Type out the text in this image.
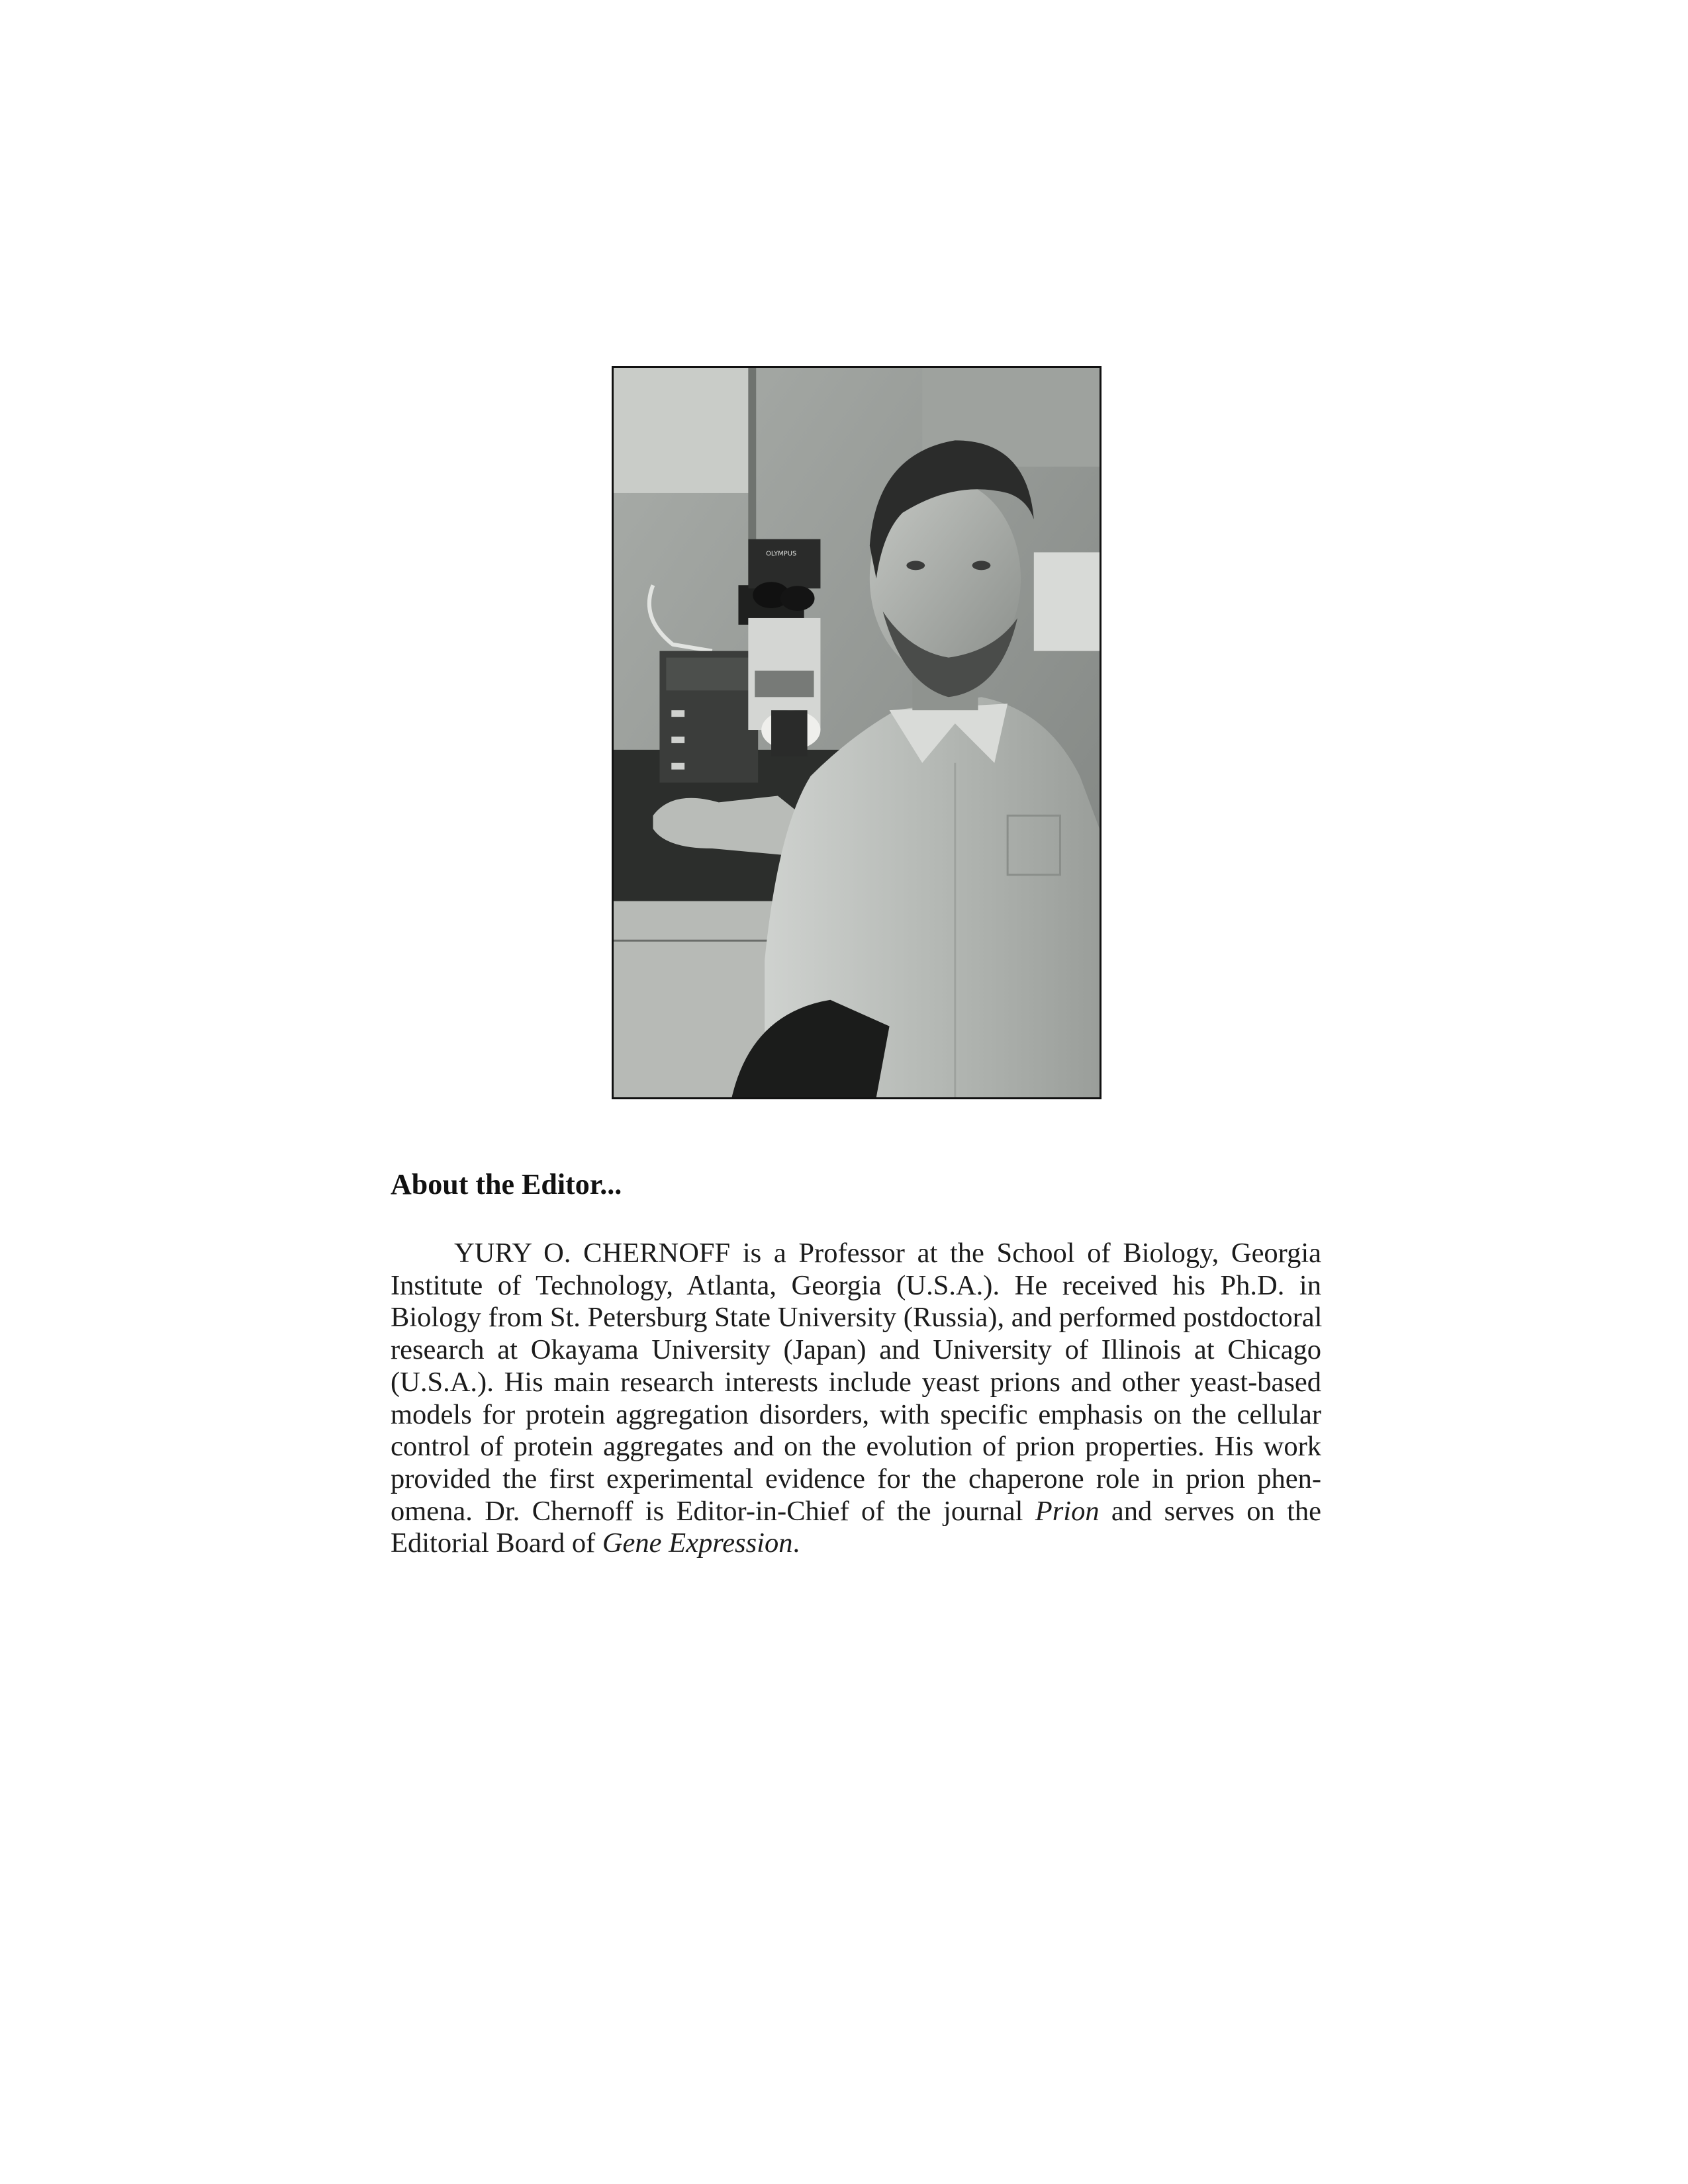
OLYMPUS
About the Editor...
YURY O. CHERNOFF is a Professor at the School of Biology, Georgia
Institute of Technology, Atlanta, Georgia (U.S.A.). He received his Ph.D. in
Biology from St. Petersburg State University (Russia), and performed postdoctoral
research at Okayama University (Japan) and University of Illinois at Chicago
(U.S.A.). His main research interests include yeast prions and other yeast-based
models for protein aggregation disorders, with specific emphasis on the cellular
control of protein aggregates and on the evolution of prion properties. His work
provided the first experimental evidence for the chaperone role in prion phen-
omena. Dr. Chernoff is Editor-in-Chief of the journal Prion and serves on the
Editorial Board of Gene Expression.
